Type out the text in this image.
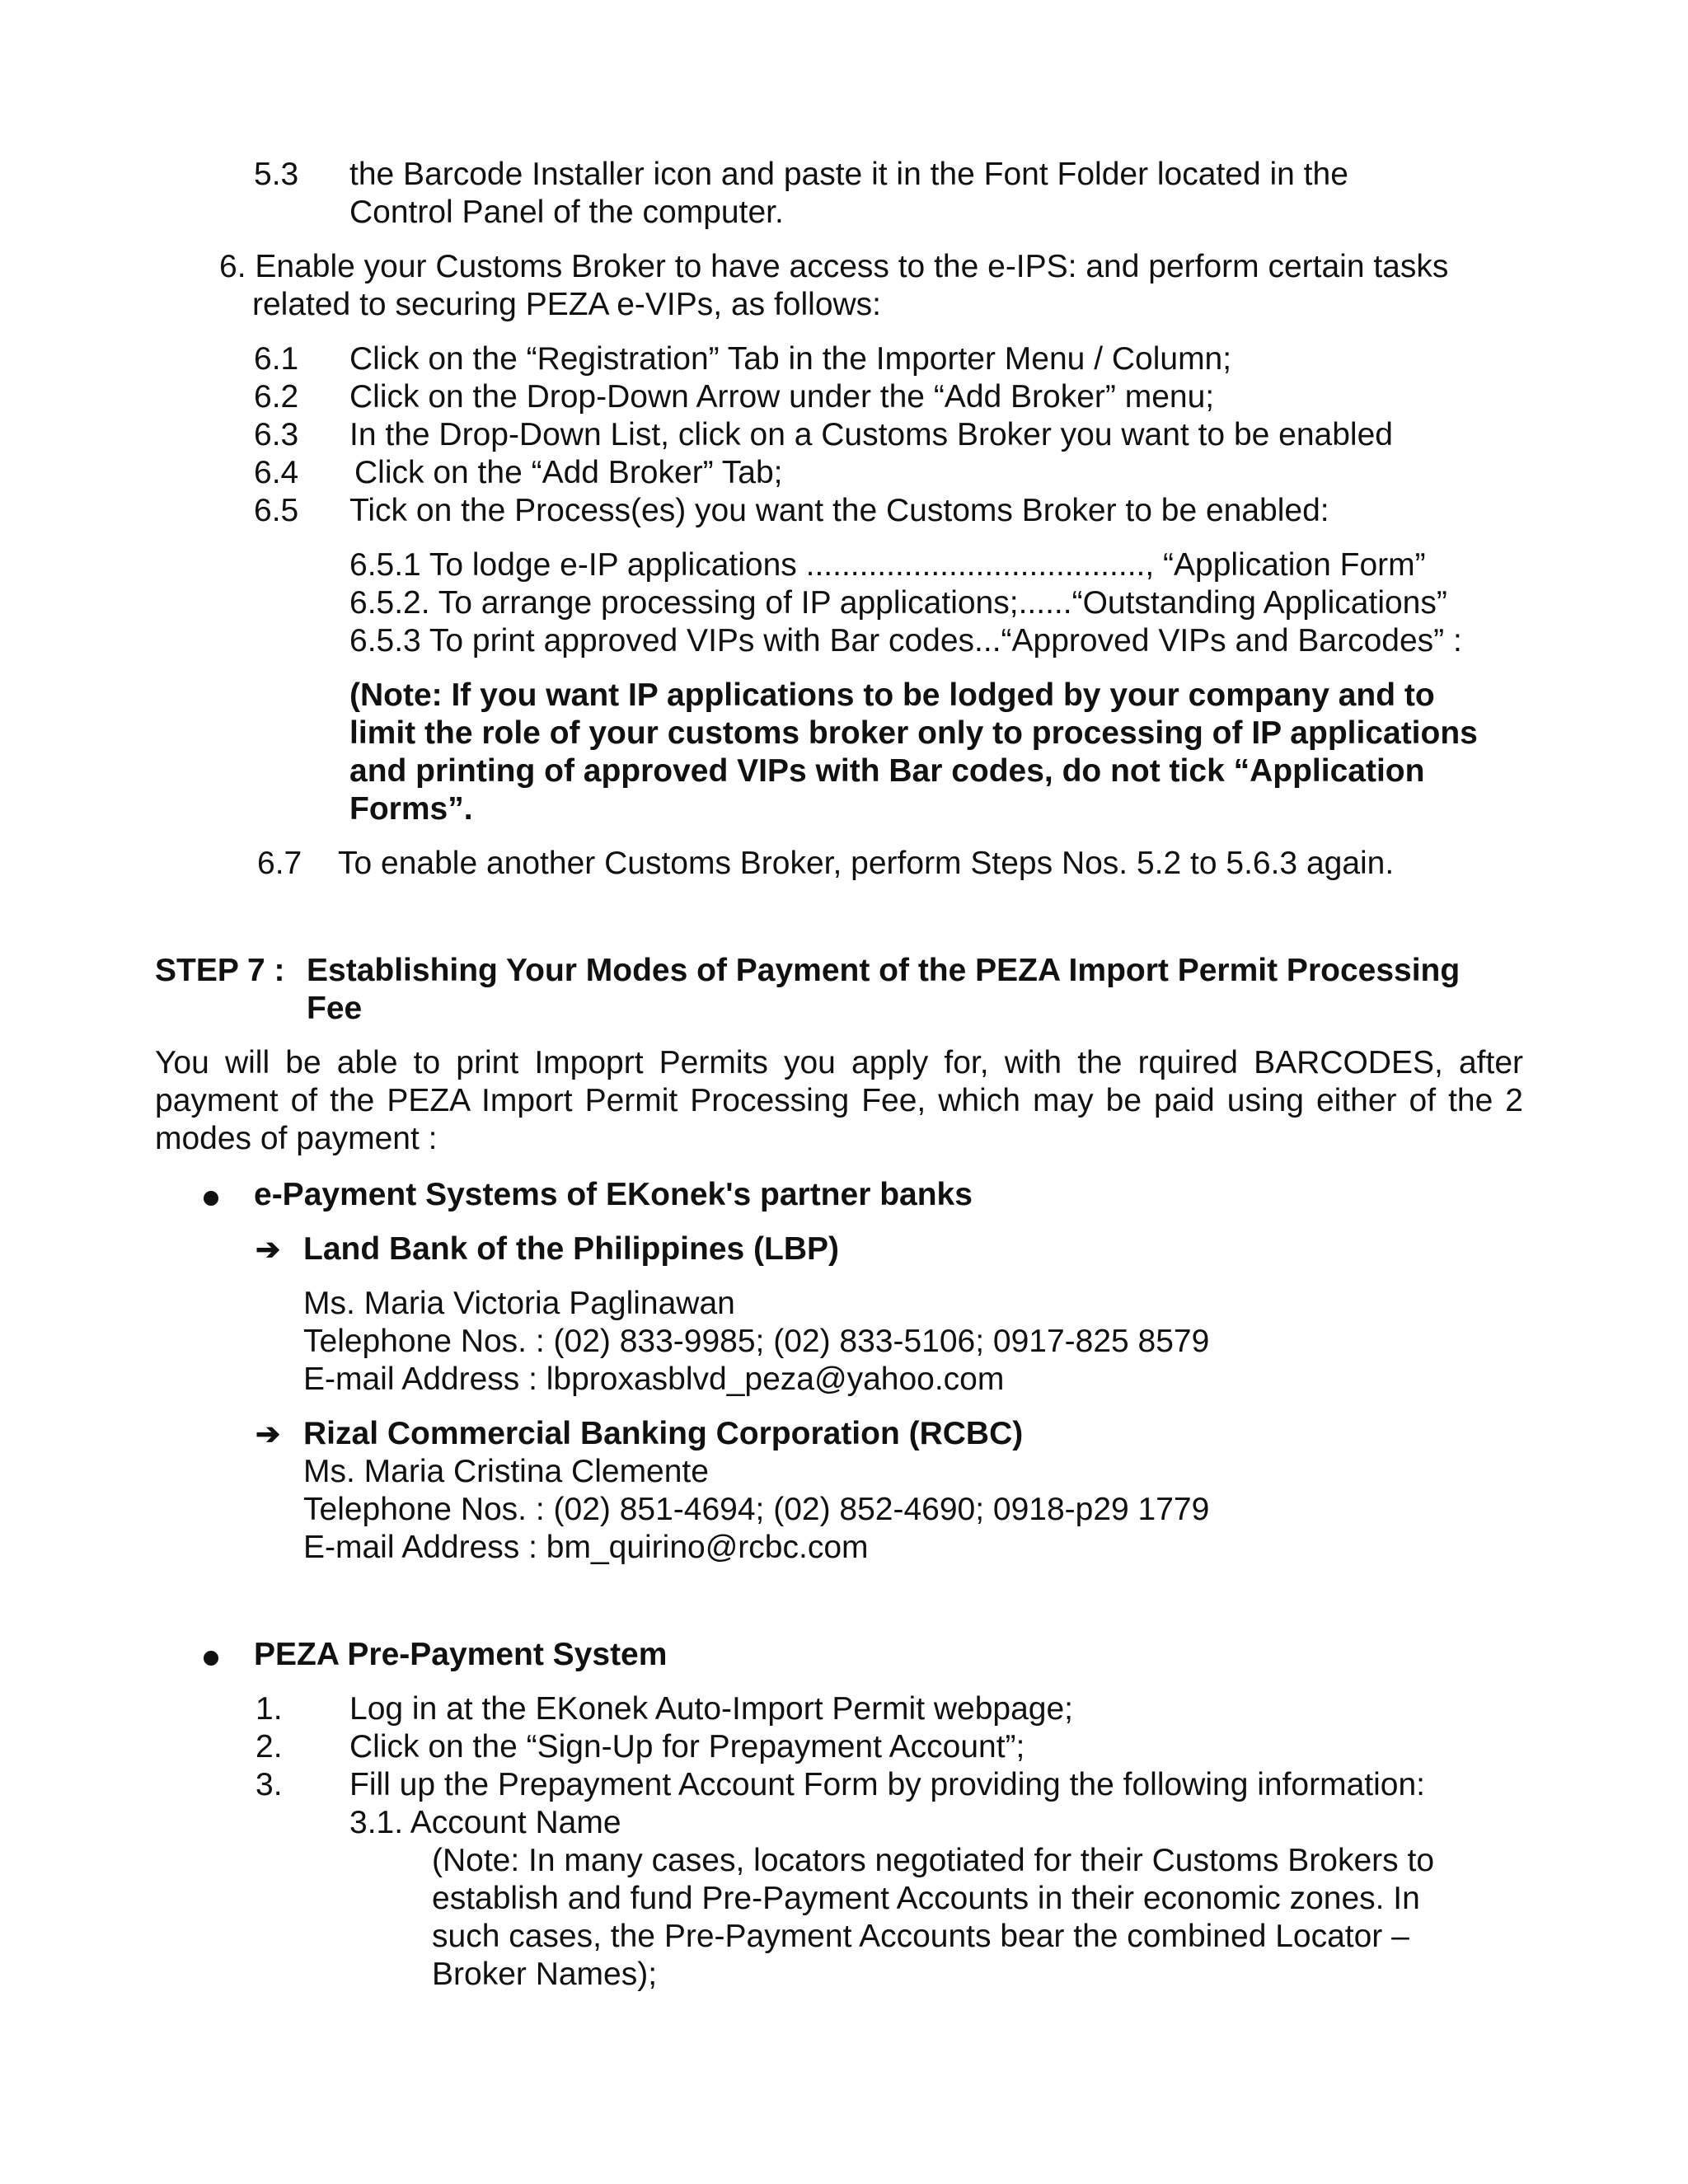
5.3 the Barcode Installer icon and paste it in the Font Folder located in the
Control Panel of the computer.
6. Enable your Customs Broker to have access to the e-IPS: and perform certain tasks
related to securing PEZA e-VIPs, as follows:
6.1 Click on the “Registration” Tab in the Importer Menu / Column;
6.2 Click on the Drop-Down Arrow under the “Add Broker” menu;
6.3 In the Drop-Down List, click on a Customs Broker you want to be enabled
6.4 Click on the “Add Broker” Tab;
6.5 Tick on the Process(es) you want the Customs Broker to be enabled:
6.5.1 To lodge e-IP applications ......................................, “Application Form”
6.5.2. To arrange processing of IP applications;......“Outstanding Applications”
6.5.3 To print approved VIPs with Bar codes...“Approved VIPs and Barcodes” :
(Note: If you want IP applications to be lodged by your company and to
limit the role of your customs broker only to processing of IP applications
and printing of approved VIPs with Bar codes, do not tick “Application
Forms”.
6.7 To enable another Customs Broker, perform Steps Nos. 5.2 to 5.6.3 again.
STEP 7 : Establishing Your Modes of Payment of the PEZA Import Permit Processing
Fee
You will be able to print Impoprt Permits you apply for, with the rquired BARCODES, after payment of the PEZA Import Permit Processing Fee, which may be paid using either of the 2 modes of payment :
e-Payment Systems of EKonek's partner banks
➔ Land Bank of the Philippines (LBP)
Ms. Maria Victoria Paglinawan
Telephone Nos. : (02) 833-9985; (02) 833-5106; 0917-825 8579
E-mail Address : lbproxasblvd_peza@yahoo.com
➔ Rizal Commercial Banking Corporation (RCBC)
Ms. Maria Cristina Clemente
Telephone Nos. : (02) 851-4694; (02) 852-4690; 0918-p29 1779
E-mail Address : bm_quirino@rcbc.com
PEZA Pre-Payment System
1. Log in at the EKonek Auto-Import Permit webpage;
2. Click on the “Sign-Up for Prepayment Account”;
3. Fill up the Prepayment Account Form by providing the following information:
3.1. Account Name
(Note: In many cases, locators negotiated for their Customs Brokers to
establish and fund Pre-Payment Accounts in their economic zones. In
such cases, the Pre-Payment Accounts bear the combined Locator –
Broker Names);
